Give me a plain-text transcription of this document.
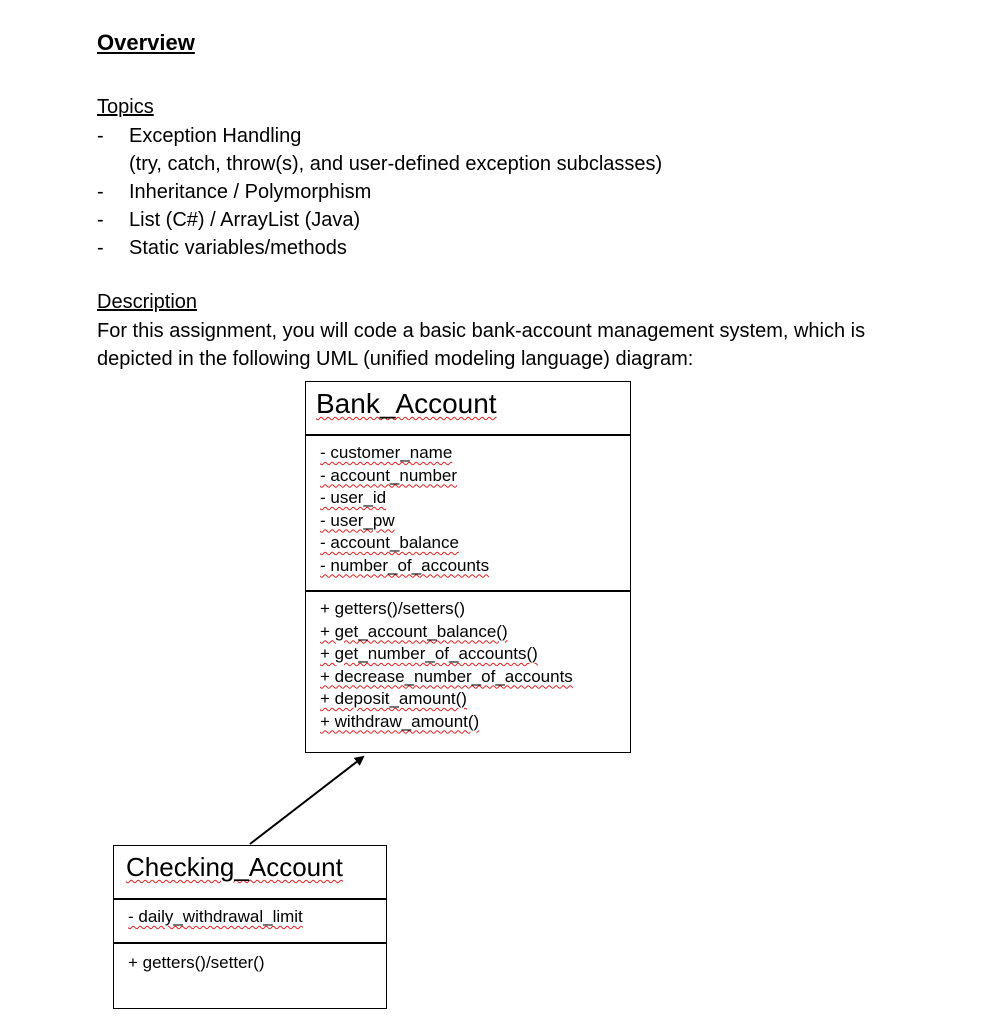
Overview
Topics
- Exception Handling
(try, catch, throw(s), and user-defined exception subclasses)
- Inheritance / Polymorphism
- List (C#) / ArrayList (Java)
- Static variables/methods
Description

For this assignment, you will code a basic bank-account management system, which is depicted in the following UML (unified modeling language) diagram:

Bank_Account
- customer_name
- account_number
- user_id
- user_pw
- account_balance
- number_of_accounts
+ getters()/setters()
+ get_account_balance()
+ get_number_of_accounts()
+ decrease_number_of_accounts
+ deposit_amount()
+ withdraw_amount()
Checking_Account
- daily_withdrawal_limit
+ getters()/setter()
